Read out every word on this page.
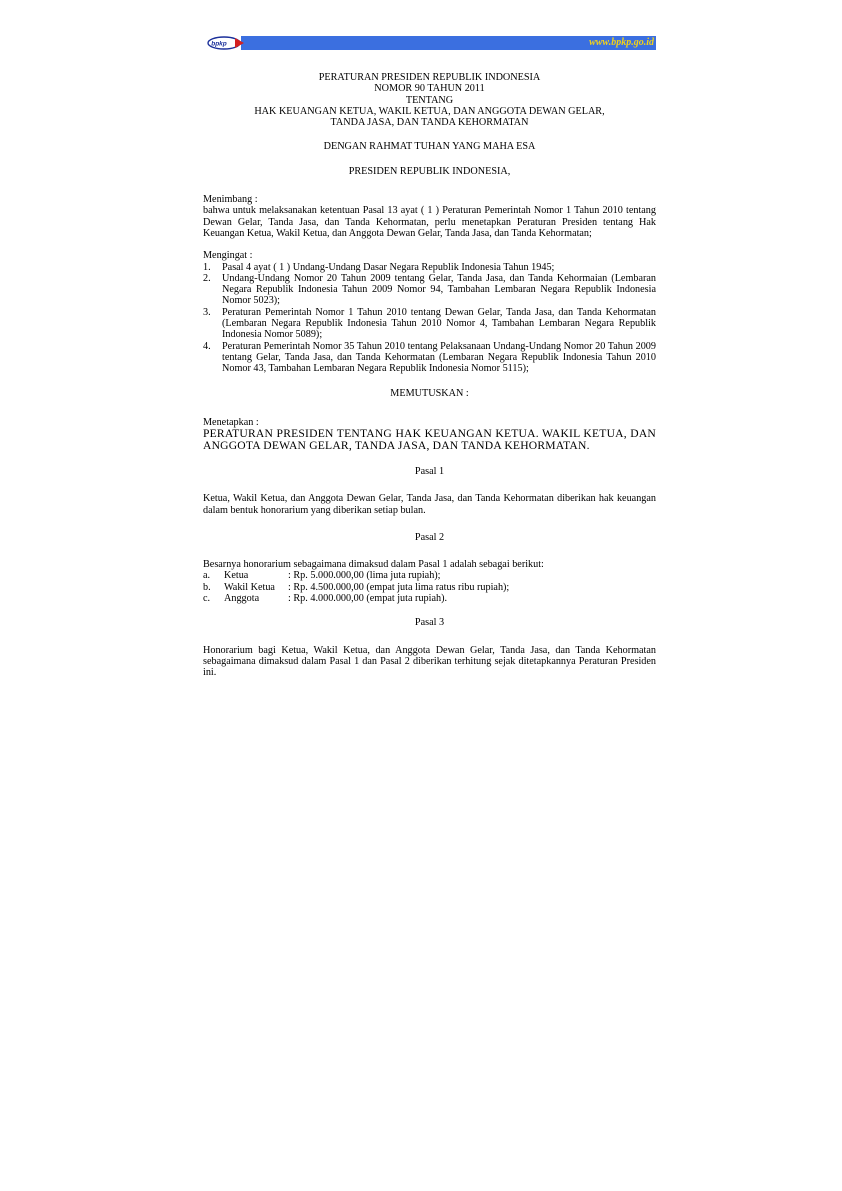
bpkp	www.bpkp.go.id
PERATURAN PRESIDEN REPUBLIK INDONESIA
NOMOR 90 TAHUN 2011
TENTANG
HAK KEUANGAN KETUA, WAKIL KETUA, DAN ANGGOTA DEWAN GELAR,
TANDA JASA, DAN TANDA KEHORMATAN
DENGAN RAHMAT TUHAN YANG MAHA ESA
PRESIDEN REPUBLIK INDONESIA,
Menimbang :
bahwa untuk melaksanakan ketentuan Pasal 13 ayat ( 1 ) Peraturan Pemerintah Nomor 1 Tahun 2010 tentang Dewan Gelar, Tanda Jasa, dan Tanda Kehormatan, perlu menetapkan Peraturan Presiden tentang Hak Keuangan Ketua, Wakil Ketua, dan Anggota Dewan Gelar, Tanda Jasa, dan Tanda Kehormatan;
Mengingat :
1. Pasal 4 ayat ( 1 ) Undang-Undang Dasar Negara Republik Indonesia Tahun 1945;
2. Undang-Undang Nomor 20 Tahun 2009 tentang Gelar, Tanda Jasa, dan Tanda Kehormaian (Lembaran Negara Republik Indonesia Tahun 2009 Nomor 94, Tambahan Lembaran Negara Republik Indonesia Nomor 5023);
3. Peraturan Pemerintah Nomor 1 Tahun 2010 tentang Dewan Gelar, Tanda Jasa, dan Tanda Kehormatan (Lembaran Negara Republik Indonesia Tahun 2010 Nomor 4, Tambahan Lembaran Negara Republik Indonesia Nomor 5089);
4. Peraturan Pemerintah Nomor 35 Tahun 2010 tentang Pelaksanaan Undang-Undang Nomor 20 Tahun 2009 tentang Gelar, Tanda Jasa, dan Tanda Kehormatan (Lembaran Negara Republik Indonesia Tahun 2010 Nomor 43, Tambahan Lembaran Negara Republik Indonesia Nomor 5115);
MEMUTUSKAN :
Menetapkan :
PERATURAN PRESIDEN TENTANG HAK KEUANGAN KETUA. WAKIL KETUA, DAN ANGGOTA DEWAN GELAR, TANDA JASA, DAN TANDA KEHORMATAN.
Pasal 1
Ketua, Wakil Ketua, dan Anggota Dewan Gelar, Tanda Jasa, dan Tanda Kehormatan diberikan hak keuangan dalam bentuk honorarium yang diberikan setiap bulan.
Pasal 2
Besarnya honorarium sebagaimana dimaksud dalam Pasal 1 adalah sebagai berikut:
a.	Ketua	: Rp. 5.000.000,00 (lima juta rupiah);
b.	Wakil Ketua	: Rp. 4.500.000,00 (empat juta lima ratus ribu rupiah);
c.	Anggota	: Rp. 4.000.000,00 (empat juta rupiah).
Pasal 3
Honorarium bagi Ketua, Wakil Ketua, dan Anggota Dewan Gelar, Tanda Jasa, dan Tanda Kehormatan sebagaimana dimaksud dalam Pasal 1 dan Pasal 2 diberikan terhitung sejak ditetapkannya Peraturan Presiden ini.
